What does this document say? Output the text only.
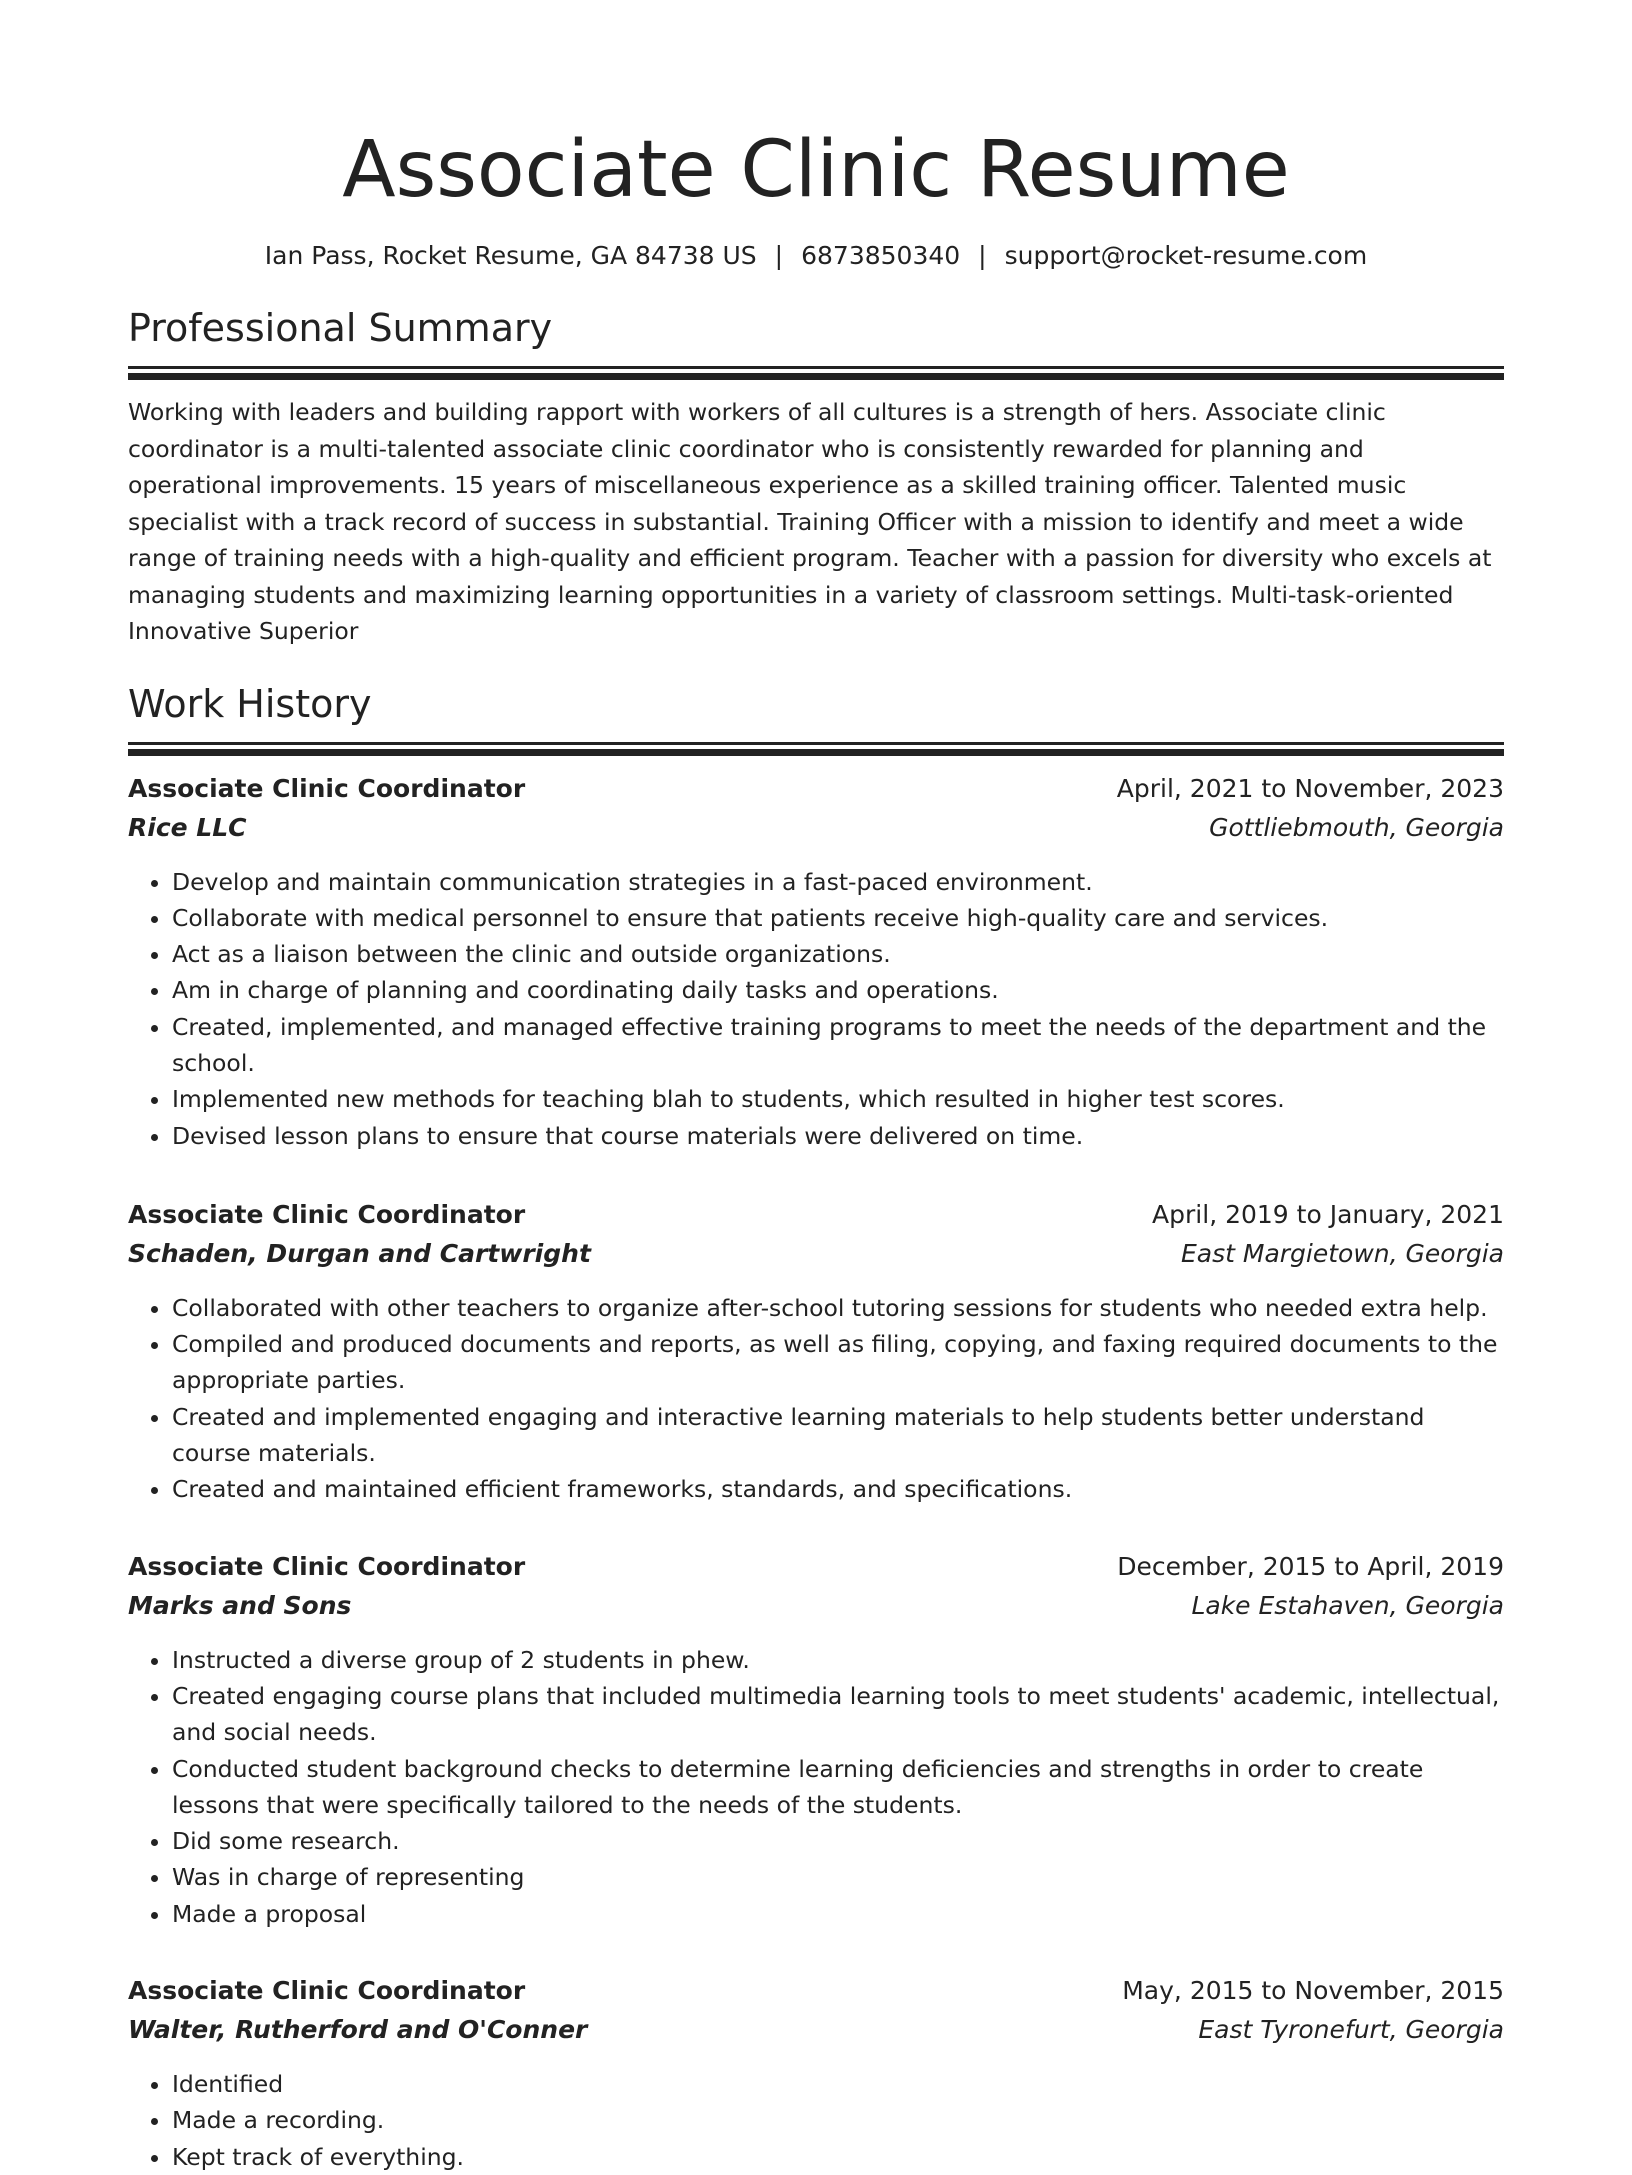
Associate Clinic Resume
Ian Pass, Rocket Resume, GA 84738 US | 6873850340 | support@rocket-resume.com
Professional Summary

Working with leaders and building rapport with workers of all cultures is a strength of hers. Associate clinic coordinator is a multi-talented associate clinic coordinator who is consistently rewarded for planning and operational improvements. 15 years of miscellaneous experience as a skilled training officer. Talented music specialist with a track record of success in substantial. Training Officer with a mission to identify and meet a wide range of training needs with a high-quality and efficient program. Teacher with a passion for diversity who excels at managing students and maximizing learning opportunities in a variety of classroom settings. Multi-task-oriented Innovative Superior

Work History
Associate Clinic Coordinator	April, 2021 to November, 2023
Rice LLC	Gottliebmouth, Georgia
• Develop and maintain communication strategies in a fast-paced environment.
• Collaborate with medical personnel to ensure that patients receive high-quality care and services.
• Act as a liaison between the clinic and outside organizations.
• Am in charge of planning and coordinating daily tasks and operations.
• Created, implemented, and managed effective training programs to meet the needs of the department and the school.
• Implemented new methods for teaching blah to students, which resulted in higher test scores.
• Devised lesson plans to ensure that course materials were delivered on time.
Associate Clinic Coordinator	April, 2019 to January, 2021
Schaden, Durgan and Cartwright	East Margietown, Georgia
• Collaborated with other teachers to organize after-school tutoring sessions for students who needed extra help.
• Compiled and produced documents and reports, as well as filing, copying, and faxing required documents to the appropriate parties.
• Created and implemented engaging and interactive learning materials to help students better understand course materials.
• Created and maintained efficient frameworks, standards, and specifications.
Associate Clinic Coordinator	December, 2015 to April, 2019
Marks and Sons	Lake Estahaven, Georgia
• Instructed a diverse group of 2 students in phew.
• Created engaging course plans that included multimedia learning tools to meet students' academic, intellectual, and social needs.
• Conducted student background checks to determine learning deficiencies and strengths in order to create lessons that were specifically tailored to the needs of the students.
• Did some research.
• Was in charge of representing
• Made a proposal
Associate Clinic Coordinator	May, 2015 to November, 2015
Walter, Rutherford and O'Conner	East Tyronefurt, Georgia
• Identified
• Made a recording.
• Kept track of everything.
